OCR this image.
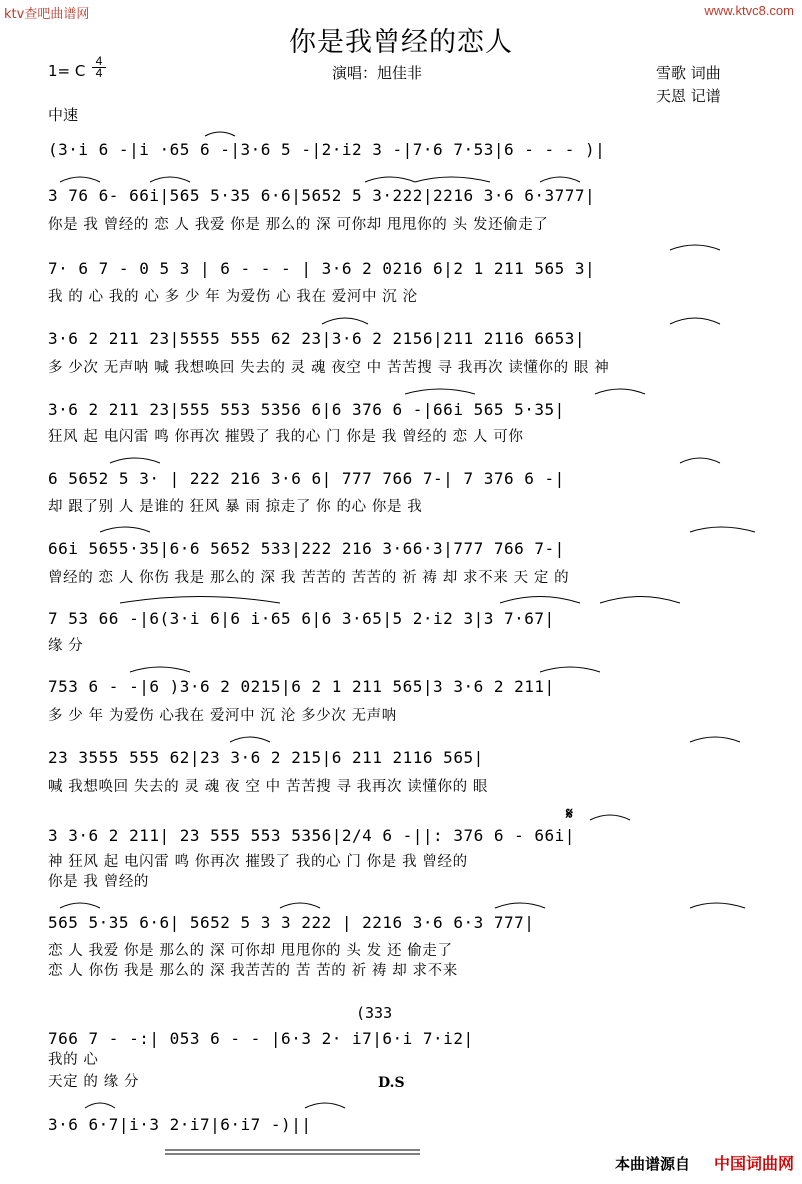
ktv查吧曲谱网	www.ktvc8.com
你是我曾经的恋人
1= C $\frac{4}{4}$	演唱：旭佳非	雪歌 词曲
天恩 记谱
中速
(3·i 6 -|i ·65 6 -|3·6 5 -|2·i2 3 -|7·6 7·53|6 - - - )|
3 76 6- 66i|565 5·35 6·6|5652 5 3·222|2216 3·6 6·3777|
你是 我 曾经的 恋 人 我爱 你是 那么的 深 可你却 甩甩你的 头 发还偷走了
7· 6 7 - 0 5 3 | 6 - - - | 3·6 2 0216 6|2 1 211 565 3|
我 的 心 我的 心 多 少 年 为爱伤 心 我在 爱河中 沉 沦
3·6 2 211 23|5555 555 62 23|3·6 2 2156|211 2116 6653|
多 少次 无声呐 喊 我想唤回 失去的 灵 魂 夜空 中 苦苦搜 寻 我再次 读懂你的 眼 神
3·6 2 211 23|555 553 5356 6|6 376 6 -|66i 565 5·35|
狂风 起 电闪雷 鸣 你再次 摧毁了 我的心 门 你是 我 曾经的 恋 人 可你
6 5652 5 3· | 222 216 3·6 6| 777 766 7-| 7 376 6 -|
却 跟了别 人 是谁的 狂风 暴 雨 掠走了 你 的心 你是 我
66i 5655·35|6·6 5652 533|222 216 3·66·3|777 766 7-|
曾经的 恋 人 你伤 我是 那么的 深 我 苦苦的 苦苦的 祈 祷 却 求不来 天 定 的
7 53 66 -|6(3·i 6|6 i·65 6|6 3·65|5 2·i2 3|3 7·67|
缘 分
753 6 - -|6 )3·6 2 0215|6 2 1 211 565|3 3·6 2 211|
多 少 年 为爱伤 心我在 爱河中 沉 沦 多少次 无声呐
23 3555 555 62|23 3·6 2 215|6 211 2116 565|
喊 我想唤回 失去的 灵 魂 夜 空 中 苦苦搜 寻 我再次 读懂你的 眼
𝄋
3 3·6 2 211| 23 555 553 5356|2/4 6 -||: 376 6 - 66i|
神 狂风 起 电闪雷 鸣 你再次 摧毁了 我的心 门 你是 我 曾经的
你是 我 曾经的
565 5·35 6·6| 5652 5 3 3 222 | 2216 3·6 6·3 777|
恋 人 我爱 你是 那么的 深 可你却 甩甩你的 头 发 还 偷走了
恋 人 你伤 我是 那么的 深 我苦苦的 苦 苦的 祈 祷 却 求不来
(333
766 7 - -:| 053 6 - - |6·3 2· i7|6·i 7·i2|
我的 心
天定 的 缘 分	D.S
3·6 6·7|i·3 2·i7|6·i7 -)||
本曲谱源自 中国词曲网
